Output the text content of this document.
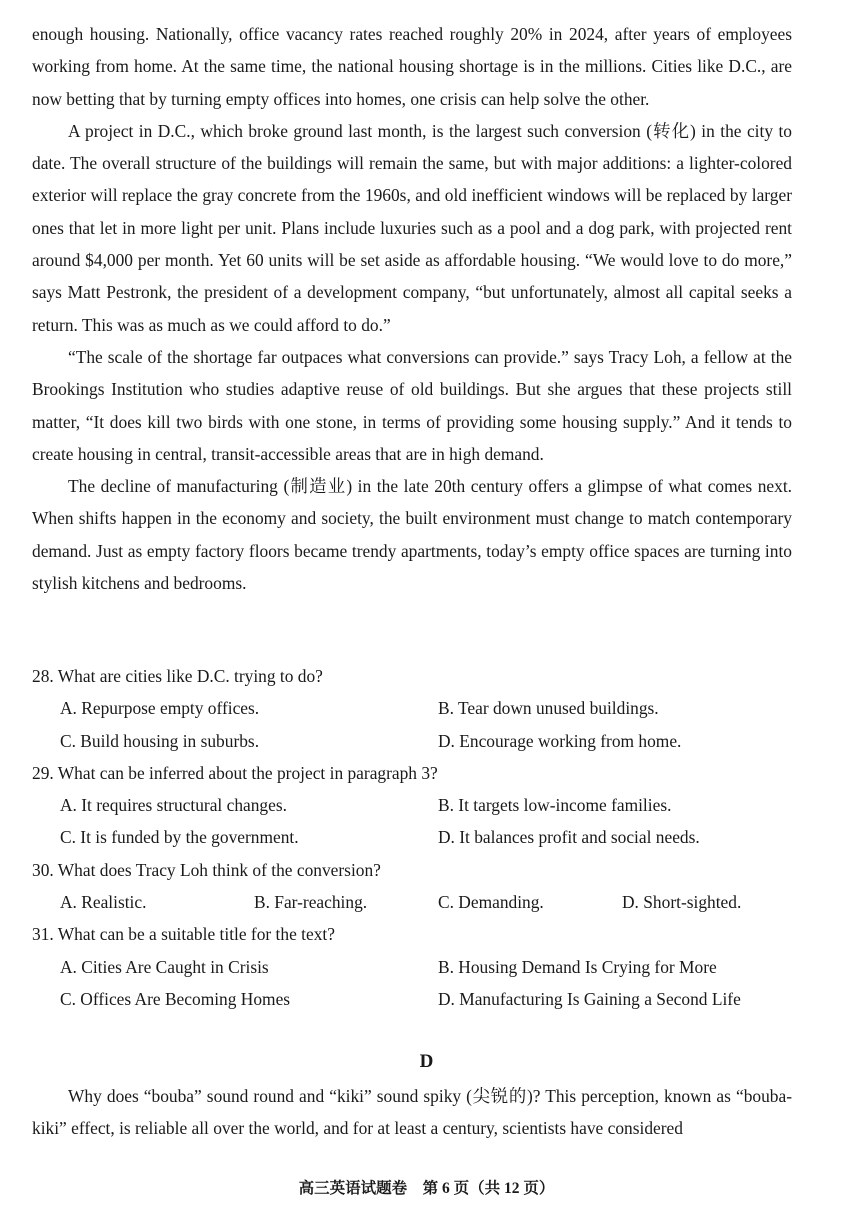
enough housing. Nationally, office vacancy rates reached roughly 20% in 2024, after years of employees working from home. At the same time, the national housing shortage is in the millions. Cities like D.C., are now betting that by turning empty offices into homes, one crisis can help solve the other.

A project in D.C., which broke ground last month, is the largest such conversion (转化) in the city to date. The overall structure of the buildings will remain the same, but with major additions: a lighter-colored exterior will replace the gray concrete from the 1960s, and old inefficient windows will be replaced by larger ones that let in more light per unit. Plans include luxuries such as a pool and a dog park, with projected rent around $4,000 per month. Yet 60 units will be set aside as affordable housing. “We would love to do more,” says Matt Pestronk, the president of a development company, “but unfortunately, almost all capital seeks a return. This was as much as we could afford to do.”

“The scale of the shortage far outpaces what conversions can provide.” says Tracy Loh, a fellow at the Brookings Institution who studies adaptive reuse of old buildings. But she argues that these projects still matter, “It does kill two birds with one stone, in terms of providing some housing supply.” And it tends to create housing in central, transit-accessible areas that are in high demand.

The decline of manufacturing (制造业) in the late 20th century offers a glimpse of what comes next. When shifts happen in the economy and society, the built environment must change to match contemporary demand. Just as empty factory floors became trendy apartments, today’s empty office spaces are turning into stylish kitchens and bedrooms.

28. What are cities like D.C. trying to do?

A. Repurpose empty offices.	B. Tear down unused buildings.
C. Build housing in suburbs.	D. Encourage working from home.

29. What can be inferred about the project in paragraph 3?

A. It requires structural changes.	B. It targets low-income families.
C. It is funded by the government.	D. It balances profit and social needs.

30. What does Tracy Loh think of the conversion?

A. Realistic.	B. Far-reaching.	C. Demanding.	D. Short-sighted.

31. What can be a suitable title for the text?

A. Cities Are Caught in Crisis	B. Housing Demand Is Crying for More
C. Offices Are Becoming Homes	D. Manufacturing Is Gaining a Second Life
D

Why does “bouba” sound round and “kiki” sound spiky (尖锐的)? This perception, known as “bouba-kiki” effect, is reliable all over the world, and for at least a century, scientists have considered

高三英语试题卷　第 6 页（共 12 页）
